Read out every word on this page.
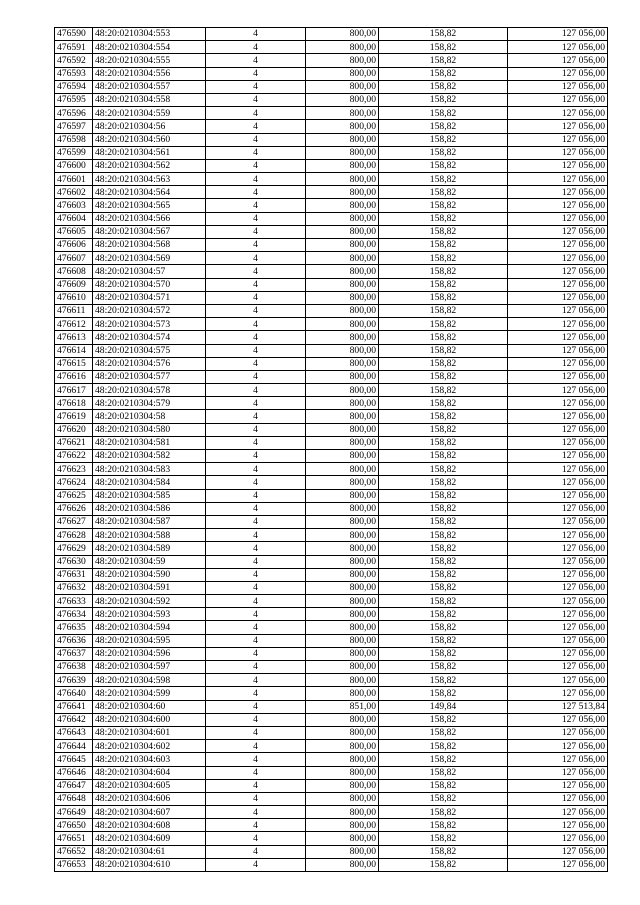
476590	48:20:0210304:553	4	800,00	158,82	127 056,00
476591	48:20:0210304:554	4	800,00	158,82	127 056,00
476592	48:20:0210304:555	4	800,00	158,82	127 056,00
476593	48:20:0210304:556	4	800,00	158,82	127 056,00
476594	48:20:0210304:557	4	800,00	158,82	127 056,00
476595	48:20:0210304:558	4	800,00	158,82	127 056,00
476596	48:20:0210304:559	4	800,00	158,82	127 056,00
476597	48:20:0210304:56	4	800,00	158,82	127 056,00
476598	48:20:0210304:560	4	800,00	158,82	127 056,00
476599	48:20:0210304:561	4	800,00	158,82	127 056,00
476600	48:20:0210304:562	4	800,00	158,82	127 056,00
476601	48:20:0210304:563	4	800,00	158,82	127 056,00
476602	48:20:0210304:564	4	800,00	158,82	127 056,00
476603	48:20:0210304:565	4	800,00	158,82	127 056,00
476604	48:20:0210304:566	4	800,00	158,82	127 056,00
476605	48:20:0210304:567	4	800,00	158,82	127 056,00
476606	48:20:0210304:568	4	800,00	158,82	127 056,00
476607	48:20:0210304:569	4	800,00	158,82	127 056,00
476608	48:20:0210304:57	4	800,00	158,82	127 056,00
476609	48:20:0210304:570	4	800,00	158,82	127 056,00
476610	48:20:0210304:571	4	800,00	158,82	127 056,00
476611	48:20:0210304:572	4	800,00	158,82	127 056,00
476612	48:20:0210304:573	4	800,00	158,82	127 056,00
476613	48:20:0210304:574	4	800,00	158,82	127 056,00
476614	48:20:0210304:575	4	800,00	158,82	127 056,00
476615	48:20:0210304:576	4	800,00	158,82	127 056,00
476616	48:20:0210304:577	4	800,00	158,82	127 056,00
476617	48:20:0210304:578	4	800,00	158,82	127 056,00
476618	48:20:0210304:579	4	800,00	158,82	127 056,00
476619	48:20:0210304:58	4	800,00	158,82	127 056,00
476620	48:20:0210304:580	4	800,00	158,82	127 056,00
476621	48:20:0210304:581	4	800,00	158,82	127 056,00
476622	48:20:0210304:582	4	800,00	158,82	127 056,00
476623	48:20:0210304:583	4	800,00	158,82	127 056,00
476624	48:20:0210304:584	4	800,00	158,82	127 056,00
476625	48:20:0210304:585	4	800,00	158,82	127 056,00
476626	48:20:0210304:586	4	800,00	158,82	127 056,00
476627	48:20:0210304:587	4	800,00	158,82	127 056,00
476628	48:20:0210304:588	4	800,00	158,82	127 056,00
476629	48:20:0210304:589	4	800,00	158,82	127 056,00
476630	48:20:0210304:59	4	800,00	158,82	127 056,00
476631	48:20:0210304:590	4	800,00	158,82	127 056,00
476632	48:20:0210304:591	4	800,00	158,82	127 056,00
476633	48:20:0210304:592	4	800,00	158,82	127 056,00
476634	48:20:0210304:593	4	800,00	158,82	127 056,00
476635	48:20:0210304:594	4	800,00	158,82	127 056,00
476636	48:20:0210304:595	4	800,00	158,82	127 056,00
476637	48:20:0210304:596	4	800,00	158,82	127 056,00
476638	48:20:0210304:597	4	800,00	158,82	127 056,00
476639	48:20:0210304:598	4	800,00	158,82	127 056,00
476640	48:20:0210304:599	4	800,00	158,82	127 056,00
476641	48:20:0210304:60	4	851,00	149,84	127 513,84
476642	48:20:0210304:600	4	800,00	158,82	127 056,00
476643	48:20:0210304:601	4	800,00	158,82	127 056,00
476644	48:20:0210304:602	4	800,00	158,82	127 056,00
476645	48:20:0210304:603	4	800,00	158,82	127 056,00
476646	48:20:0210304:604	4	800,00	158,82	127 056,00
476647	48:20:0210304:605	4	800,00	158,82	127 056,00
476648	48:20:0210304:606	4	800,00	158,82	127 056,00
476649	48:20:0210304:607	4	800,00	158,82	127 056,00
476650	48:20:0210304:608	4	800,00	158,82	127 056,00
476651	48:20:0210304:609	4	800,00	158,82	127 056,00
476652	48:20:0210304:61	4	800,00	158,82	127 056,00
476653	48:20:0210304:610	4	800,00	158,82	127 056,00
